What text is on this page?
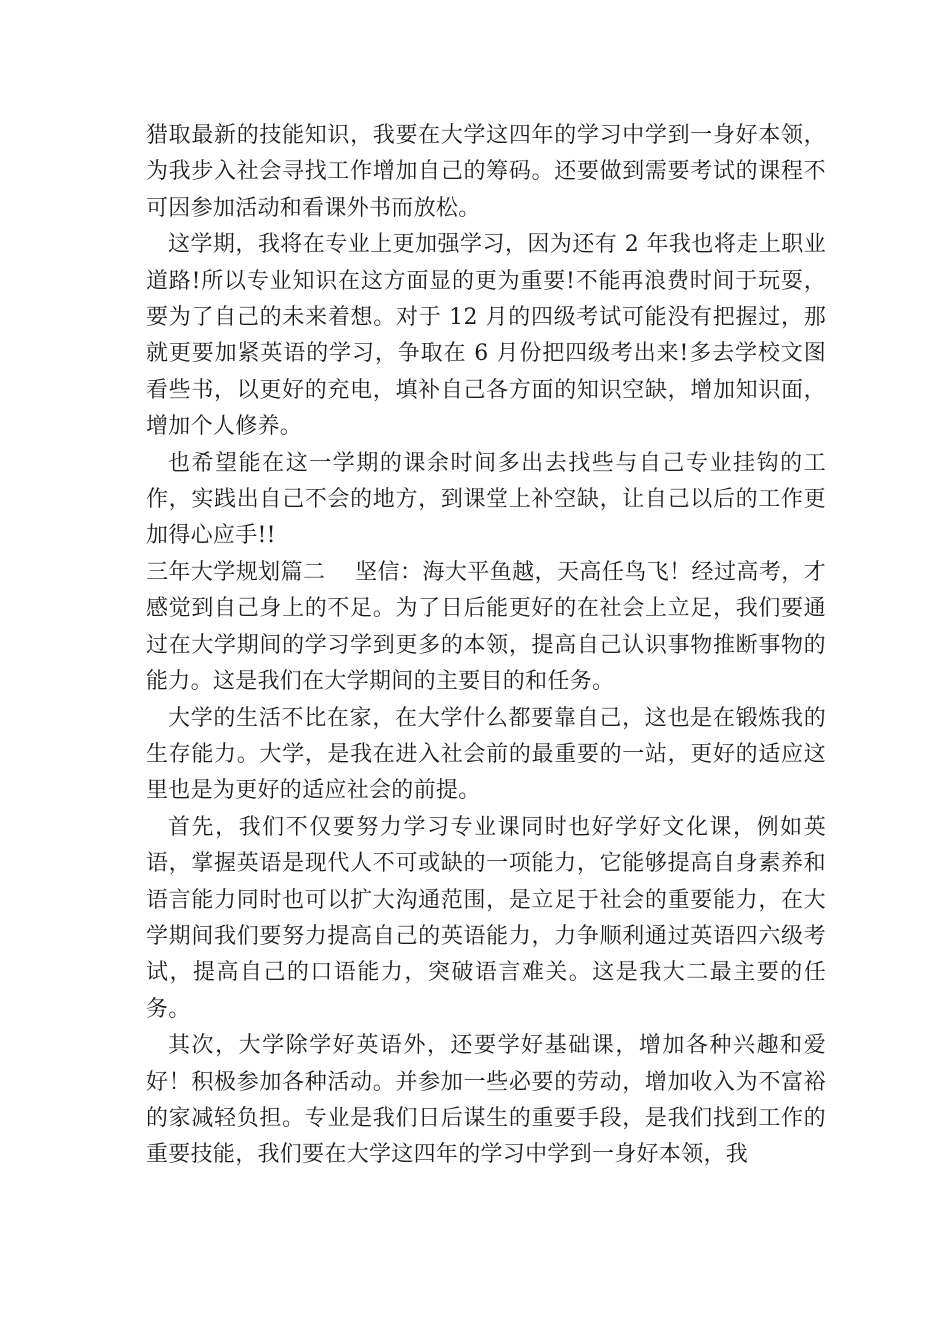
猎取最新的技能知识，我要在大学这四年的学习中学到一身好本领，为我步入社会寻找工作增加自己的筹码。还要做到需要考试的课程不可因参加活动和看课外书而放松。

这学期，我将在专业上更加强学习，因为还有 2 年我也将走上职业道路!所以专业知识在这方面显的更为重要!不能再浪费时间于玩耍，要为了自己的未来着想。对于 12 月的四级考试可能没有把握过，那就更要加紧英语的学习，争取在 6 月份把四级考出来!多去学校文图看些书，以更好的充电，填补自己各方面的知识空缺，增加知识面，增加个人修养。

也希望能在这一学期的课余时间多出去找些与自己专业挂钩的工作，实践出自己不会的地方，到课堂上补空缺，让自己以后的工作更加得心应手!!

三年大学规划篇二    坚信：海大平鱼越，天高任鸟飞！经过高考，才感觉到自己身上的不足。为了日后能更好的在社会上立足，我们要通过在大学期间的学习学到更多的本领，提高自己认识事物推断事物的能力。这是我们在大学期间的主要目的和任务。

大学的生活不比在家，在大学什么都要靠自己，这也是在锻炼我的生存能力。大学，是我在进入社会前的最重要的一站，更好的适应这里也是为更好的适应社会的前提。

首先，我们不仅要努力学习专业课同时也好学好文化课，例如英语，掌握英语是现代人不可或缺的一项能力，它能够提高自身素养和语言能力同时也可以扩大沟通范围，是立足于社会的重要能力，在大学期间我们要努力提高自己的英语能力，力争顺利通过英语四六级考试，提高自己的口语能力，突破语言难关。这是我大二最主要的任务。

其次，大学除学好英语外，还要学好基础课，增加各种兴趣和爱好！积极参加各种活动。并参加一些必要的劳动，增加收入为不富裕的家减轻负担。专业是我们日后谋生的重要手段，是我们找到工作的重要技能，我们要在大学这四年的学习中学到一身好本领，我
